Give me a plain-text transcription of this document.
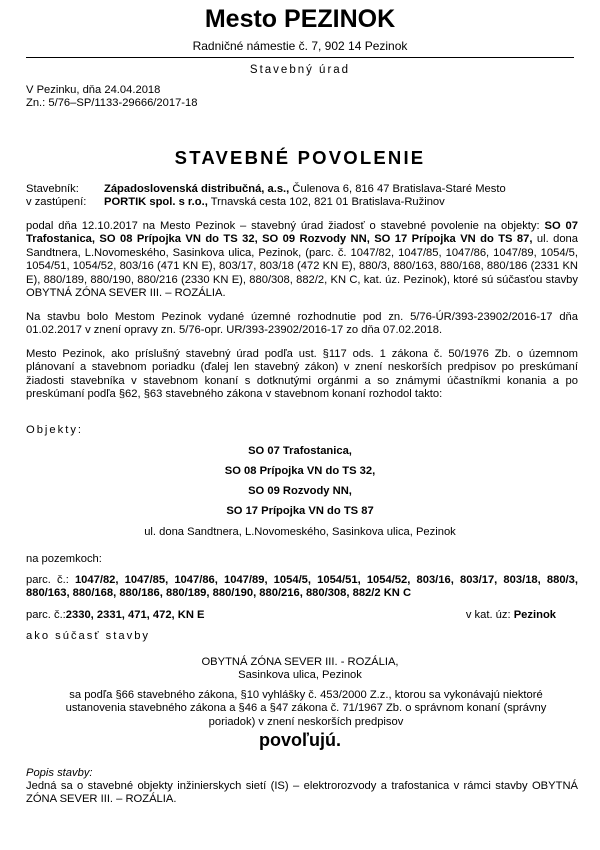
Mesto PEZINOK
Radničné námestie č. 7, 902 14 Pezinok
Stavebný úrad
V Pezinku, dňa 24.04.2018
Zn.: 5/76–SP/1133-29666/2017-18
STAVEBNÉ POVOLENIE
Stavebník: Západoslovenská distribučná, a.s., Čulenova 6, 816 47 Bratislava-Staré Mesto
v zastúpení: PORTIK spol. s r.o., Trnavská cesta 102, 821 01 Bratislava-Ružinov
podal dňa 12.10.2017 na Mesto Pezinok – stavebný úrad žiadosť o stavebné povolenie na objekty: SO 07 Trafostanica, SO 08 Prípojka VN do TS 32, SO 09 Rozvody NN, SO 17 Prípojka VN do TS 87, ul. dona Sandtnera, L.Novomeského, Sasinkova ulica, Pezinok, (parc. č. 1047/82, 1047/85, 1047/86, 1047/89, 1054/5, 1054/51, 1054/52, 803/16 (471 KN E), 803/17, 803/18 (472 KN E), 880/3, 880/163, 880/168, 880/186 (2331 KN E), 880/189, 880/190, 880/216 (2330 KN E), 880/308, 882/2, KN C, kat. úz. Pezinok), ktoré sú súčasťou stavby OBYTNÁ ZÓNA SEVER III. – ROZÁLIA.
Na stavbu bolo Mestom Pezinok vydané územné rozhodnutie pod zn. 5/76-ÚR/393-23902/2016-17 dňa 01.02.2017 v znení opravy zn. 5/76-opr. UR/393-23902/2016-17 zo dňa 07.02.2018.
Mesto Pezinok, ako príslušný stavebný úrad podľa ust. §117 ods. 1 zákona č. 50/1976 Zb. o územnom plánovaní a stavebnom poriadku (ďalej len stavebný zákon) v znení neskorších predpisov po preskúmaní žiadosti stavebníka v stavebnom konaní s dotknutými orgánmi a so známymi účastníkmi konania a po preskúmaní podľa §62, §63 stavebného zákona v stavebnom konaní rozhodol takto:
Objekty:
SO 07 Trafostanica,
SO 08 Prípojka VN do TS 32,
SO 09 Rozvody NN,
SO 17 Prípojka VN do TS 87
ul. dona Sandtnera, L.Novomeského, Sasinkova ulica, Pezinok
na pozemkoch:
parc. č.: 1047/82, 1047/85, 1047/86, 1047/89, 1054/5, 1054/51, 1054/52, 803/16, 803/17, 803/18, 880/3, 880/163, 880/168, 880/186, 880/189, 880/190, 880/216, 880/308, 882/2 KN C
parc. č.:2330, 2331, 471, 472, KN E	v kat. úz: Pezinok
ako súčasť stavby
OBYTNÁ ZÓNA SEVER III. - ROZÁLIA,
Sasinkova ulica, Pezinok
sa podľa §66 stavebného zákona, §10 vyhlášky č. 453/2000 Z.z., ktorou sa vykonávajú niektoré ustanovenia stavebného zákona a §46 a §47 zákona č. 71/1967 Zb. o správnom konaní (správny poriadok) v znení neskorších predpisov
povoľujú.
Popis stavby:
Jedná sa o stavebné objekty inžinierskych sietí (IS) – elektrorozvody a trafostanica v rámci stavby OBYTNÁ ZÓNA SEVER III. – ROZÁLIA.
